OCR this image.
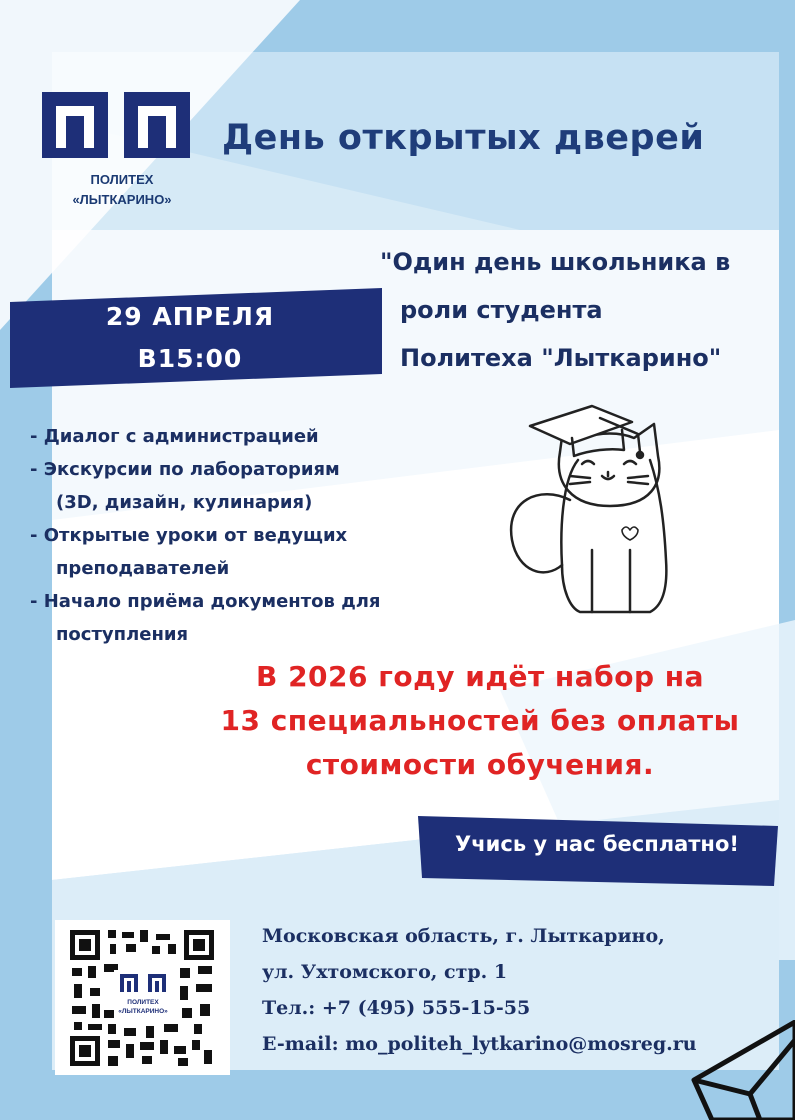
ПОЛИТЕХ
«ЛЫТКАРИНО»
День открытых дверей
"Один день школьника в
роли студента
Политеха "Лыткарино"
29 АПРЕЛЯ
В15:00
- Диалог с администрацией
- Экскурсии по лабораториям
(3D, дизайн, кулинария)
- Открытые уроки от ведущих
преподавателей
- Начало приёма документов для
поступления
В 2026 году идёт набор на
13 специальностей без оплаты
стоимости обучения.
Учись у нас бесплатно!
ПОЛИТЕХ
«ЛЫТКАРИНО»
Московская область, г. Лыткарино,
ул. Ухтомского, стр. 1
Тел.: +7 (495) 555-15-55
E-mail: mo_politeh_lytkarino@mosreg.ru
